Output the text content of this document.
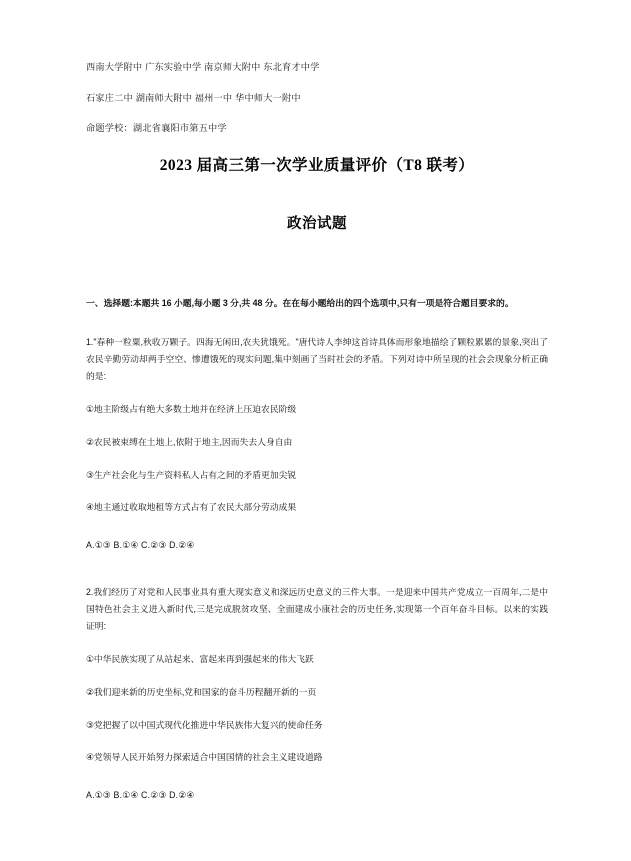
西南大学附中 广东实验中学 南京师大附中 东北育才中学

石家庄二中 湖南师大附中 福州一中 华中师大一附中

命题学校：湖北省襄阳市第五中学

2023 届高三第一次学业质量评价（T8 联考）
政治试题

一、选择题:本题共 16 小题,每小题 3 分,共 48 分。在在每小题给出的四个选项中,只有一项是符合题目要求的。

1."春种一粒粟,秋收万颗子。四海无闲田,农夫犹饿死。"唐代诗人李绅这首诗具体而形象地描绘了颗粒累累的景象,突出了农民辛勤劳动却两手空空、惨遭饿死的现实问题,集中刻画了当时社会的矛盾。下列对诗中所呈现的社会会现象分析正确的是:

①地主阶级占有绝大多数土地并在经济上压迫农民阶级

②农民被束缚在土地上,依附于地主,因而失去人身自由

③生产社会化与生产资料私人占有之间的矛盾更加尖锐

④地主通过收取地租等方式占有了农民大部分劳动成果

A.①③ B.①④ C.②③ D.②④

2.我们经历了对党和人民事业具有重大现实意义和深远历史意义的三件大事。一是迎来中国共产党成立一百周年,二是中国特色社会主义进入新时代,三是完成脱贫攻坚、全面建成小康社会的历史任务,实现第一个百年奋斗目标。以来的实践证明:

①中华民族实现了从站起来、富起来再到强起来的伟大飞跃

②我们迎来新的历史坐标,党和国家的奋斗历程翻开新的一页

③党把握了以中国式现代化推进中华民族伟大复兴的使命任务

④党领导人民开始努力探索适合中国国情的社会主义建设道路

A.①③ B.①④ C.②③ D.②④
